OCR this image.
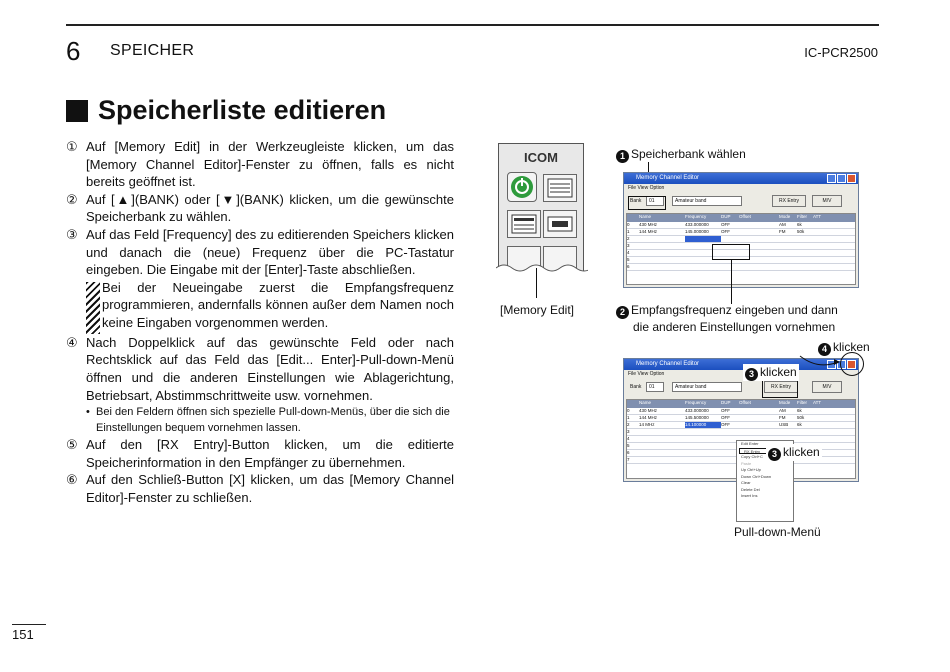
6 SPEICHER	IC-PCR2500
Speicherliste editieren
① Auf [Memory Edit] in der Werkzeugleiste klicken, um das [Memory Channel Editor]-Fenster zu öffnen, falls es nicht bereits geöffnet ist.
② Auf [▲](BANK) oder [▼](BANK) klicken, um die gewünschte Speicherbank zu wählen.
③ Auf das Feld [Frequency] des zu editierenden Speichers klicken und danach die (neue) Frequenz über die PC-Tastatur eingeben. Die Eingabe mit der [Enter]-Taste abschließen.
Bei der Neueingabe zuerst die Empfangsfrequenz programmieren, andernfalls können außer dem Namen noch keine Eingaben vorgenommen werden.
④ Nach Doppelklick auf das gewünschte Feld oder nach Rechtsklick auf das Feld das [Edit... Enter]-Pull-down-Menü öffnen und die anderen Einstellungen wie Ablagerichtung, Betriebsart, Abstimmschrittweite usw. vornehmen.
• Bei den Feldern öffnen sich spezielle Pull-down-Menüs, über die sich die Einstellungen bequem vornehmen lassen.
⑤ Auf den [RX Entry]-Button klicken, um die editierte Speicherinformation in den Empfänger zu übernehmen.
⑥ Auf den Schließ-Button [X] klicken, um das [Memory Channel Editor]-Fenster zu schließen.
ICOM
[Memory Edit]
1 Speicherbank wählen
Memory Channel Editor
File View Option
Bank	01	Amateur band	RX Entry	M/V
Name	Frequency	DUP	Offset	Mode	Filter	ATT
0	430 MHz	433.000000	OFF	AM	6k
1	144 MHz	145.000000	OFF	FM	50k
2
3
4
5
6
2 Empfangsfrequenz eingeben und dann
die anderen Einstellungen vornehmen
4 klicken
Memory Channel Editor
File View Option
Bank	01	Amateur band	RX Entry	M/V
Name	Frequency	DUP	Offset	Mode	Filter	ATT
0	430 MHz	433.000000	OFF	AM	6k
1	144 MHz	145.500000	OFF	FM	50k
2	14 MHz	14.100000	OFF	USB	6k
3
4
5
6
7
3 klicken
Edit Enter
RX Entry
Copy Ctrl+C
Paste
Up Ctrl+Up
Down Ctrl+Down
Clear
Delete Del
Insert Ins
3 klicken
Pull-down-Menü
151
